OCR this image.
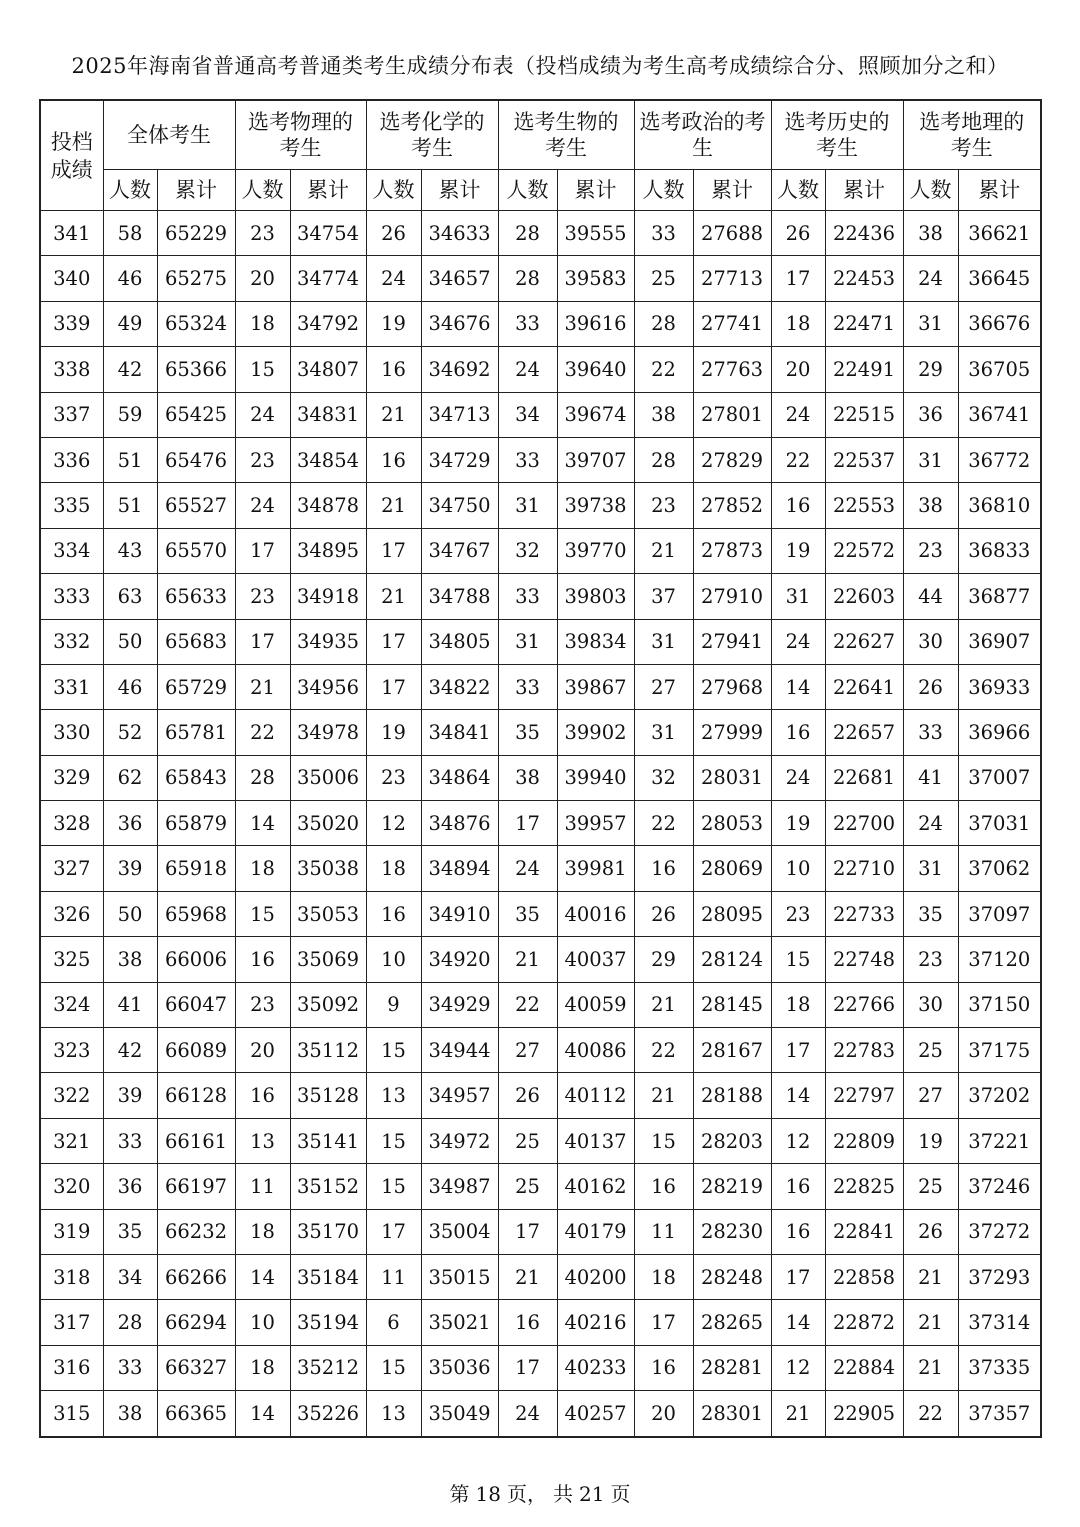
2025年海南省普通高考普通类考生成绩分布表（投档成绩为考生高考成绩综合分、照顾加分之和）
投档成绩	全体考生		选考物理的考生		选考化学的考生		选考生物的考生		选考政治的考生		选考历史的考生		选考地理的考生	
	人数	累计	人数	累计	人数	累计	人数	累计	人数	累计	人数	累计	人数	累计
341	58	65229	23	34754	26	34633	28	39555	33	27688	26	22436	38	36621
340	46	65275	20	34774	24	34657	28	39583	25	27713	17	22453	24	36645
339	49	65324	18	34792	19	34676	33	39616	28	27741	18	22471	31	36676
338	42	65366	15	34807	16	34692	24	39640	22	27763	20	22491	29	36705
337	59	65425	24	34831	21	34713	34	39674	38	27801	24	22515	36	36741
336	51	65476	23	34854	16	34729	33	39707	28	27829	22	22537	31	36772
335	51	65527	24	34878	21	34750	31	39738	23	27852	16	22553	38	36810
334	43	65570	17	34895	17	34767	32	39770	21	27873	19	22572	23	36833
333	63	65633	23	34918	21	34788	33	39803	37	27910	31	22603	44	36877
332	50	65683	17	34935	17	34805	31	39834	31	27941	24	22627	30	36907
331	46	65729	21	34956	17	34822	33	39867	27	27968	14	22641	26	36933
330	52	65781	22	34978	19	34841	35	39902	31	27999	16	22657	33	36966
329	62	65843	28	35006	23	34864	38	39940	32	28031	24	22681	41	37007
328	36	65879	14	35020	12	34876	17	39957	22	28053	19	22700	24	37031
327	39	65918	18	35038	18	34894	24	39981	16	28069	10	22710	31	37062
326	50	65968	15	35053	16	34910	35	40016	26	28095	23	22733	35	37097
325	38	66006	16	35069	10	34920	21	40037	29	28124	15	22748	23	37120
324	41	66047	23	35092	9	34929	22	40059	21	28145	18	22766	30	37150
323	42	66089	20	35112	15	34944	27	40086	22	28167	17	22783	25	37175
322	39	66128	16	35128	13	34957	26	40112	21	28188	14	22797	27	37202
321	33	66161	13	35141	15	34972	25	40137	15	28203	12	22809	19	37221
320	36	66197	11	35152	15	34987	25	40162	16	28219	16	22825	25	37246
319	35	66232	18	35170	17	35004	17	40179	11	28230	16	22841	26	37272
318	34	66266	14	35184	11	35015	21	40200	18	28248	17	22858	21	37293
317	28	66294	10	35194	6	35021	16	40216	17	28265	14	22872	21	37314
316	33	66327	18	35212	15	35036	17	40233	16	28281	12	22884	21	37335
315	38	66365	14	35226	13	35049	24	40257	20	28301	21	22905	22	37357
第 18 页， 共 21 页
